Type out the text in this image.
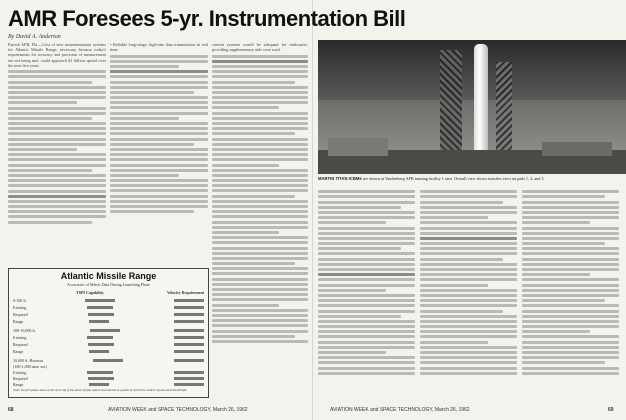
AMR Foresees 5-yr. Instrumentation Bill
By David A. Anderton

Patrick AFB, Fla.—Cost of new instrumentation systems for Atlantic Missile Range, necessary because today's requirements for accuracy and precision of measurement are not being met, could approach $1 billion spread over the next five years.

• Reliable long-range, high-rate data transmission in real time.

current systems would be adequate for midcourse, providing supplementary aids were used.

Atlantic Missile Range
Accuracies of Metric Data During Launching Phase
TSPI Capability	Velocity Requirement
0-100 ft.
Existing
Required
Range
100-10,000 ft.
Existing
Required
Range
10,000 ft.-Burnout
(100-1,000 naut. mi.)
Existing
Required
Range
Note: Launch phase starts at the zero end of the point of data aspect and extends to a point at which the vehicle reaches desired altitude.
MARTIN TITAN ICBMs are shown at Vandenberg AFB training facility 1 area. Overall view shows missiles erect on pads 1, 2, and 3.
68	AVIATION WEEK and SPACE TECHNOLOGY, March 26, 1962	AVIATION WEEK and SPACE TECHNOLOGY, March 26, 1962	69
